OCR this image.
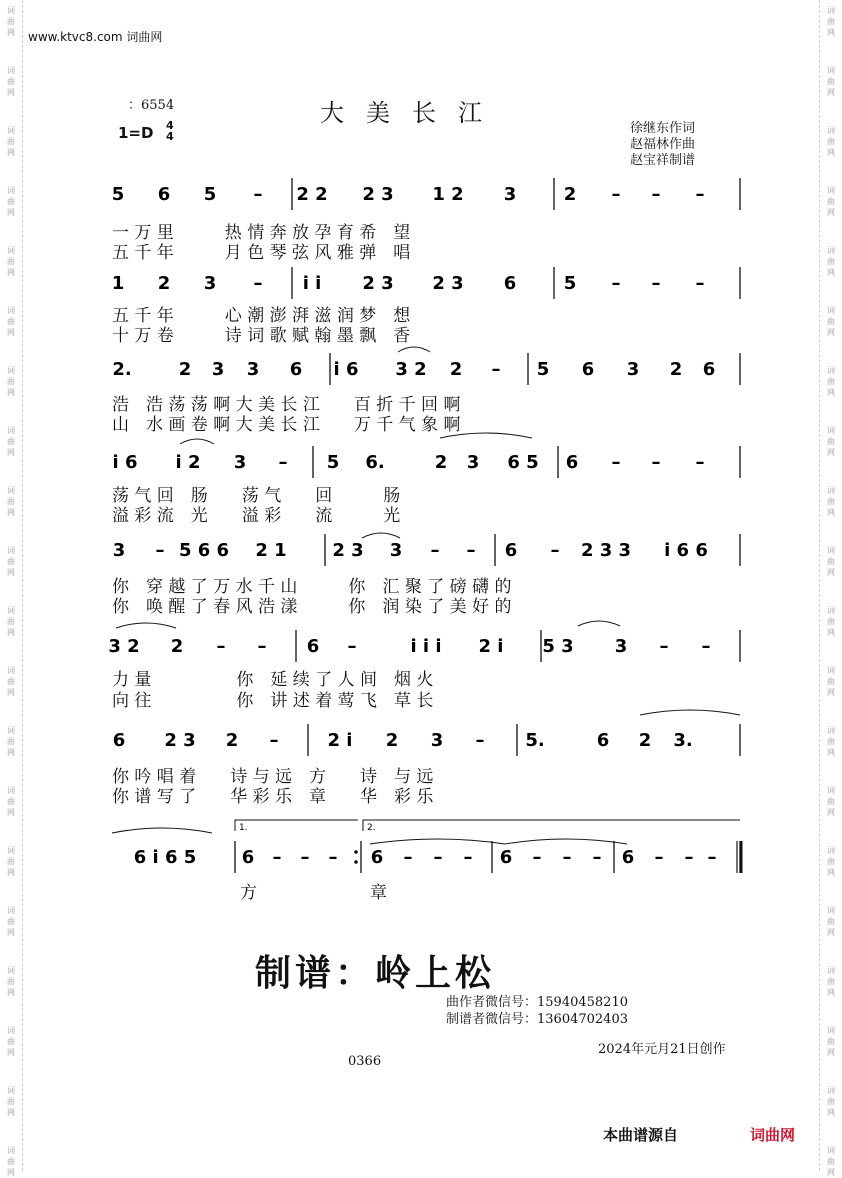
词
曲
网
词
曲
网
词
曲
网
词
曲
网
词
曲
网
词
曲
网
词
曲
网
词
曲
网
词
曲
网
词
曲
网
词
曲
网
词
曲
网
词
曲
网
词
曲
网
词
曲
网
词
曲
网
词
曲
网
词
曲
网
词
曲
网
词
曲
网
词
曲
网
词
曲
网
词
曲
网
词
曲
网
词
曲
网
词
曲
网
词
曲
网
词
曲
网
词
曲
网
词
曲
网
词
曲
网
词
曲
网
词
曲
网
词
曲
网
词
曲
网
词
曲
网
词
曲
网
词
曲
网
词
曲
网
词
曲
网
www.ktvc8.com 词曲网
：6554	大美长江
1=D 4
4
徐继东作词
赵福林作曲
赵宝祥制谱
5 6 5 – 2 2 2 3 1 2 3	2 – – –
1 2 3 – i i 2 3 2 3 6	5 – – –
2.	2 3 3 6 i 6 3 2 2 – 5 6 3 2 6
i 6 i 2 3 – 5 6.	2 3 6 5 6 – – –
3 – 5 6 6 2 1	2 3 3 – – 6 – 2 3 3 i 6 6
3 2 2 – – 6 –	i i i 2 i 5 3 3 – –
6 2 3 2 –	2 i 2 3 – 5.	6 2 3.
6 i 6 5	6 – – – 6 – – – 6 – – – 6 – – –
1.	2.
一 万 里　　　热 情 奔 放 孕 育 希　望
五 千 年　　　月 色 琴 弦 风 雅 弹　唱
五 千 年　　　心 潮 澎 湃 滋 润 梦　想
十 万 卷　　　诗 词 歌 赋 翰 墨 飘　香
浩　浩 荡 荡 啊 大 美 长 江　　百 折 千 回 啊
山　水 画 卷 啊 大 美 长 江　　万 千 气 象 啊
荡 气 回　肠　　荡 气　　回　　　肠
溢 彩 流　光　　溢 彩　　流　　　光
你　穿 越 了 万 水 千 山　　　你　汇 聚 了 磅 礴 的
你　唤 醒 了 春 风 浩 漾　　　你　润 染 了 美 好 的
力 量　　　　　你　延 续 了 人 间　烟 火
向 往　　　　　你　讲 述 着 莺 飞　草 长
你 吟 唱 着　　诗 与 远　方　　诗　与 远
你 谱 写 了　　华 彩 乐　章　　华　彩 乐
方	章
制谱：岭上松
曲作者微信号：15940458210
制谱者微信号：13604702403
2024年元月21日创作
0366
本曲谱源自	词曲网
